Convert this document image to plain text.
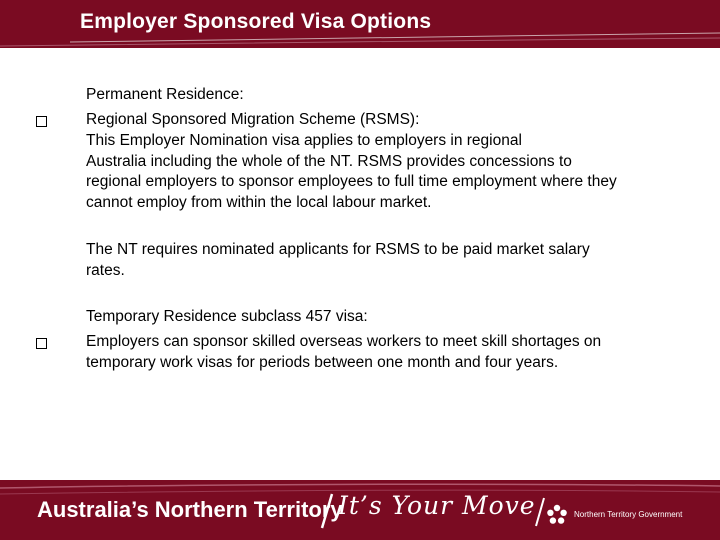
Employer Sponsored Visa Options
Permanent Residence:
Regional Sponsored Migration Scheme (RSMS):
This Employer Nomination visa applies to employers in regional
Australia including the whole of the NT. RSMS provides concessions to
regional employers to sponsor employees to full time employment where they
cannot employ from within the local labour market.
The NT requires nominated applicants for RSMS to be paid market salary
rates.
Temporary Residence subclass 457 visa:
Employers can sponsor skilled overseas workers to meet skill shortages on
temporary work visas for periods between one month and four years.
Australia’s Northern Territory
It’s Your Move	Northern Territory Government
